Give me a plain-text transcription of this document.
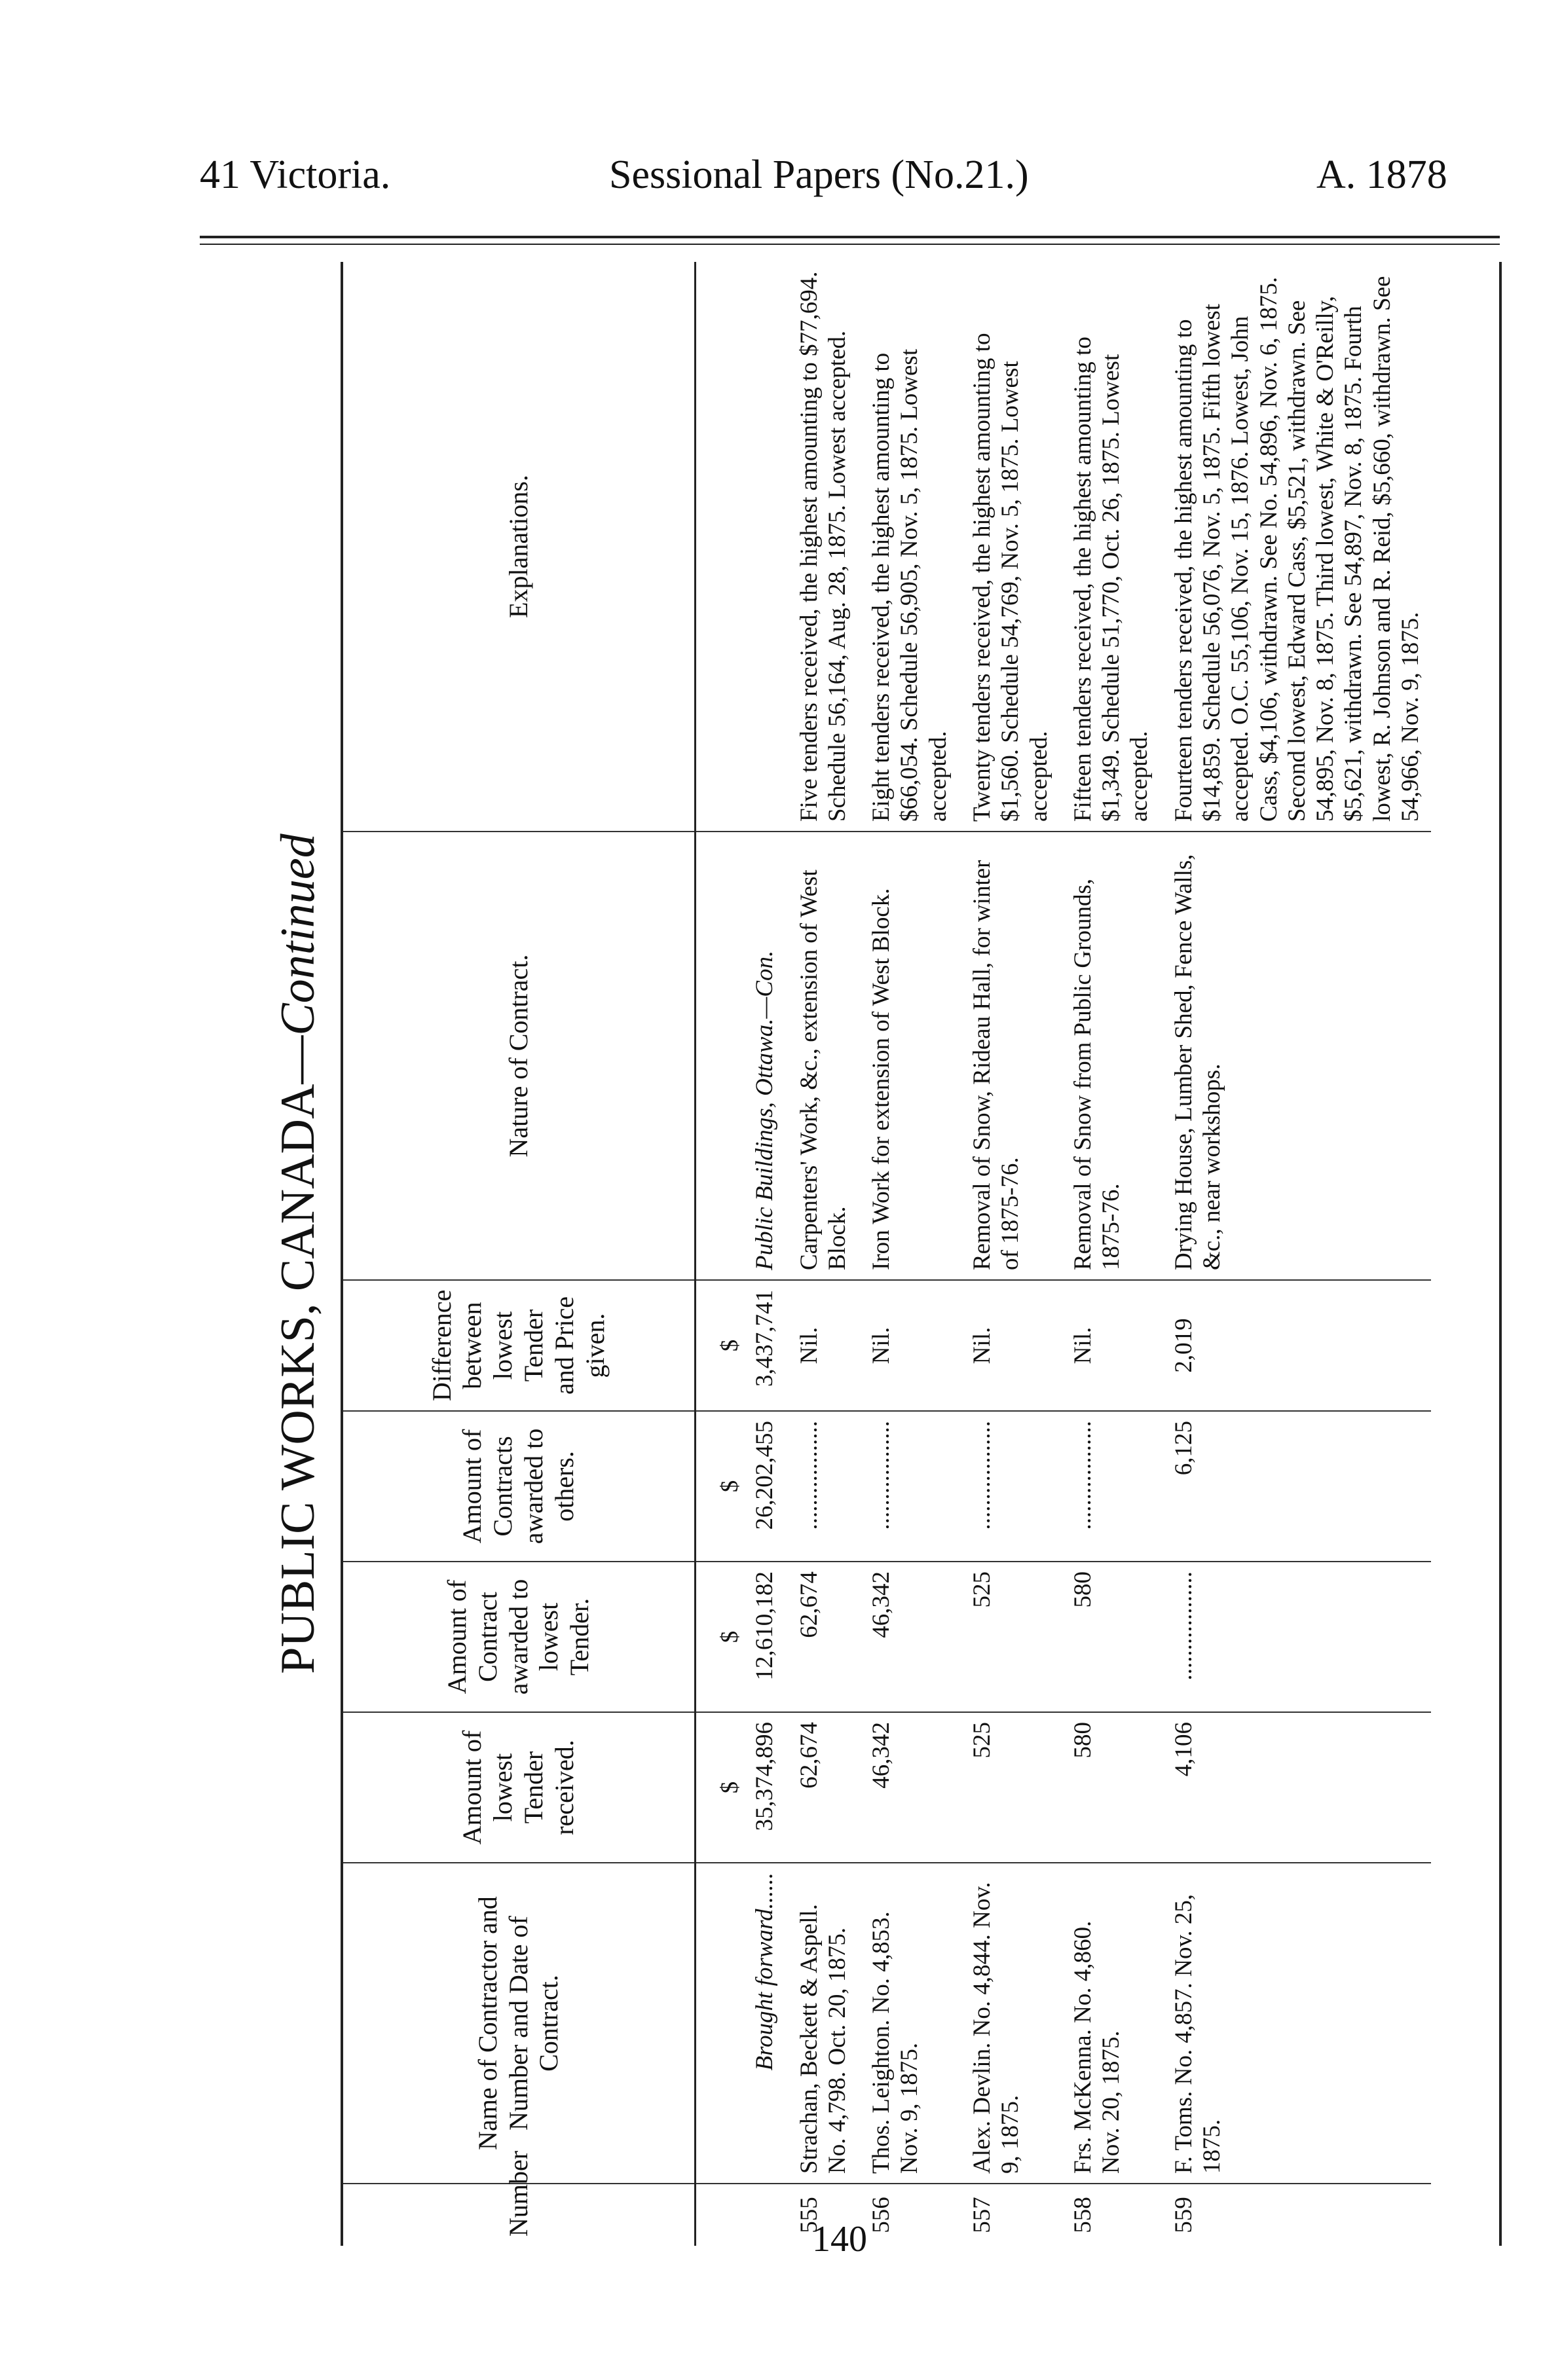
41 Victoria.	Sessional Papers (No.21.)	A. 1878
PUBLIC WORKS, CANADA—Continued
Number	Name of Contractor and Number and Date of Contract.	Amount of lowest Tender received.	Amount of Contract awarded to lowest Tender.	Amount of Contracts awarded to others.	Difference between lowest Tender and Price given.	Nature of Contract.	Explanations.
		$	$	$	$		
	Brought forward......	35,374,896	12,610,182	26,202,455	3,437,741	Public Buildings, Ottawa.—Con.	
555	Strachan, Beckett & Aspell. No. 4,798. Oct. 20, 1875.	62,674	62,674	..................	Nil.	Carpenters' Work, &c., extension of West Block.	Five tenders received, the highest amounting to $77,694. Schedule 56,164, Aug. 28, 1875. Lowest accepted.
556	Thos. Leighton. No. 4,853. Nov. 9, 1875.	46,342	46,342	..................	Nil.	Iron Work for extension of West Block.	Eight tenders received, the highest amounting to $66,054. Schedule 56,905, Nov. 5, 1875. Lowest accepted.
557	Alex. Devlin. No. 4,844. Nov. 9, 1875.	525	525	..................	Nil.	Removal of Snow, Rideau Hall, for winter of 1875-76.	Twenty tenders received, the highest amounting to $1,560. Schedule 54,769, Nov. 5, 1875. Lowest accepted.
558	Frs. McKenna. No. 4,860. Nov. 20, 1875.	580	580	..................	Nil.	Removal of Snow from Public Grounds, 1875-76.	Fifteen tenders received, the highest amounting to $1,349. Schedule 51,770, Oct. 26, 1875. Lowest accepted.
559	F. Toms. No. 4,857. Nov. 25, 1875.	4,106	..................	6,125	2,019	Drying House, Lumber Shed, Fence Walls, &c., near workshops.	Fourteen tenders received, the highest amounting to $14,859. Schedule 56,076, Nov. 5, 1875. Fifth lowest accepted. O.C. 55,106, Nov. 15, 1876. Lowest, John Cass, $4,106, withdrawn. See No. 54,896, Nov. 6, 1875. Second lowest, Edward Cass, $5,521, withdrawn. See 54,895, Nov. 8, 1875. Third lowest, White & O'Reilly, $5,621, withdrawn. See 54,897, Nov. 8, 1875. Fourth lowest, R. Johnson and R. Reid, $5,660, withdrawn. See 54,966, Nov. 9, 1875.
140
